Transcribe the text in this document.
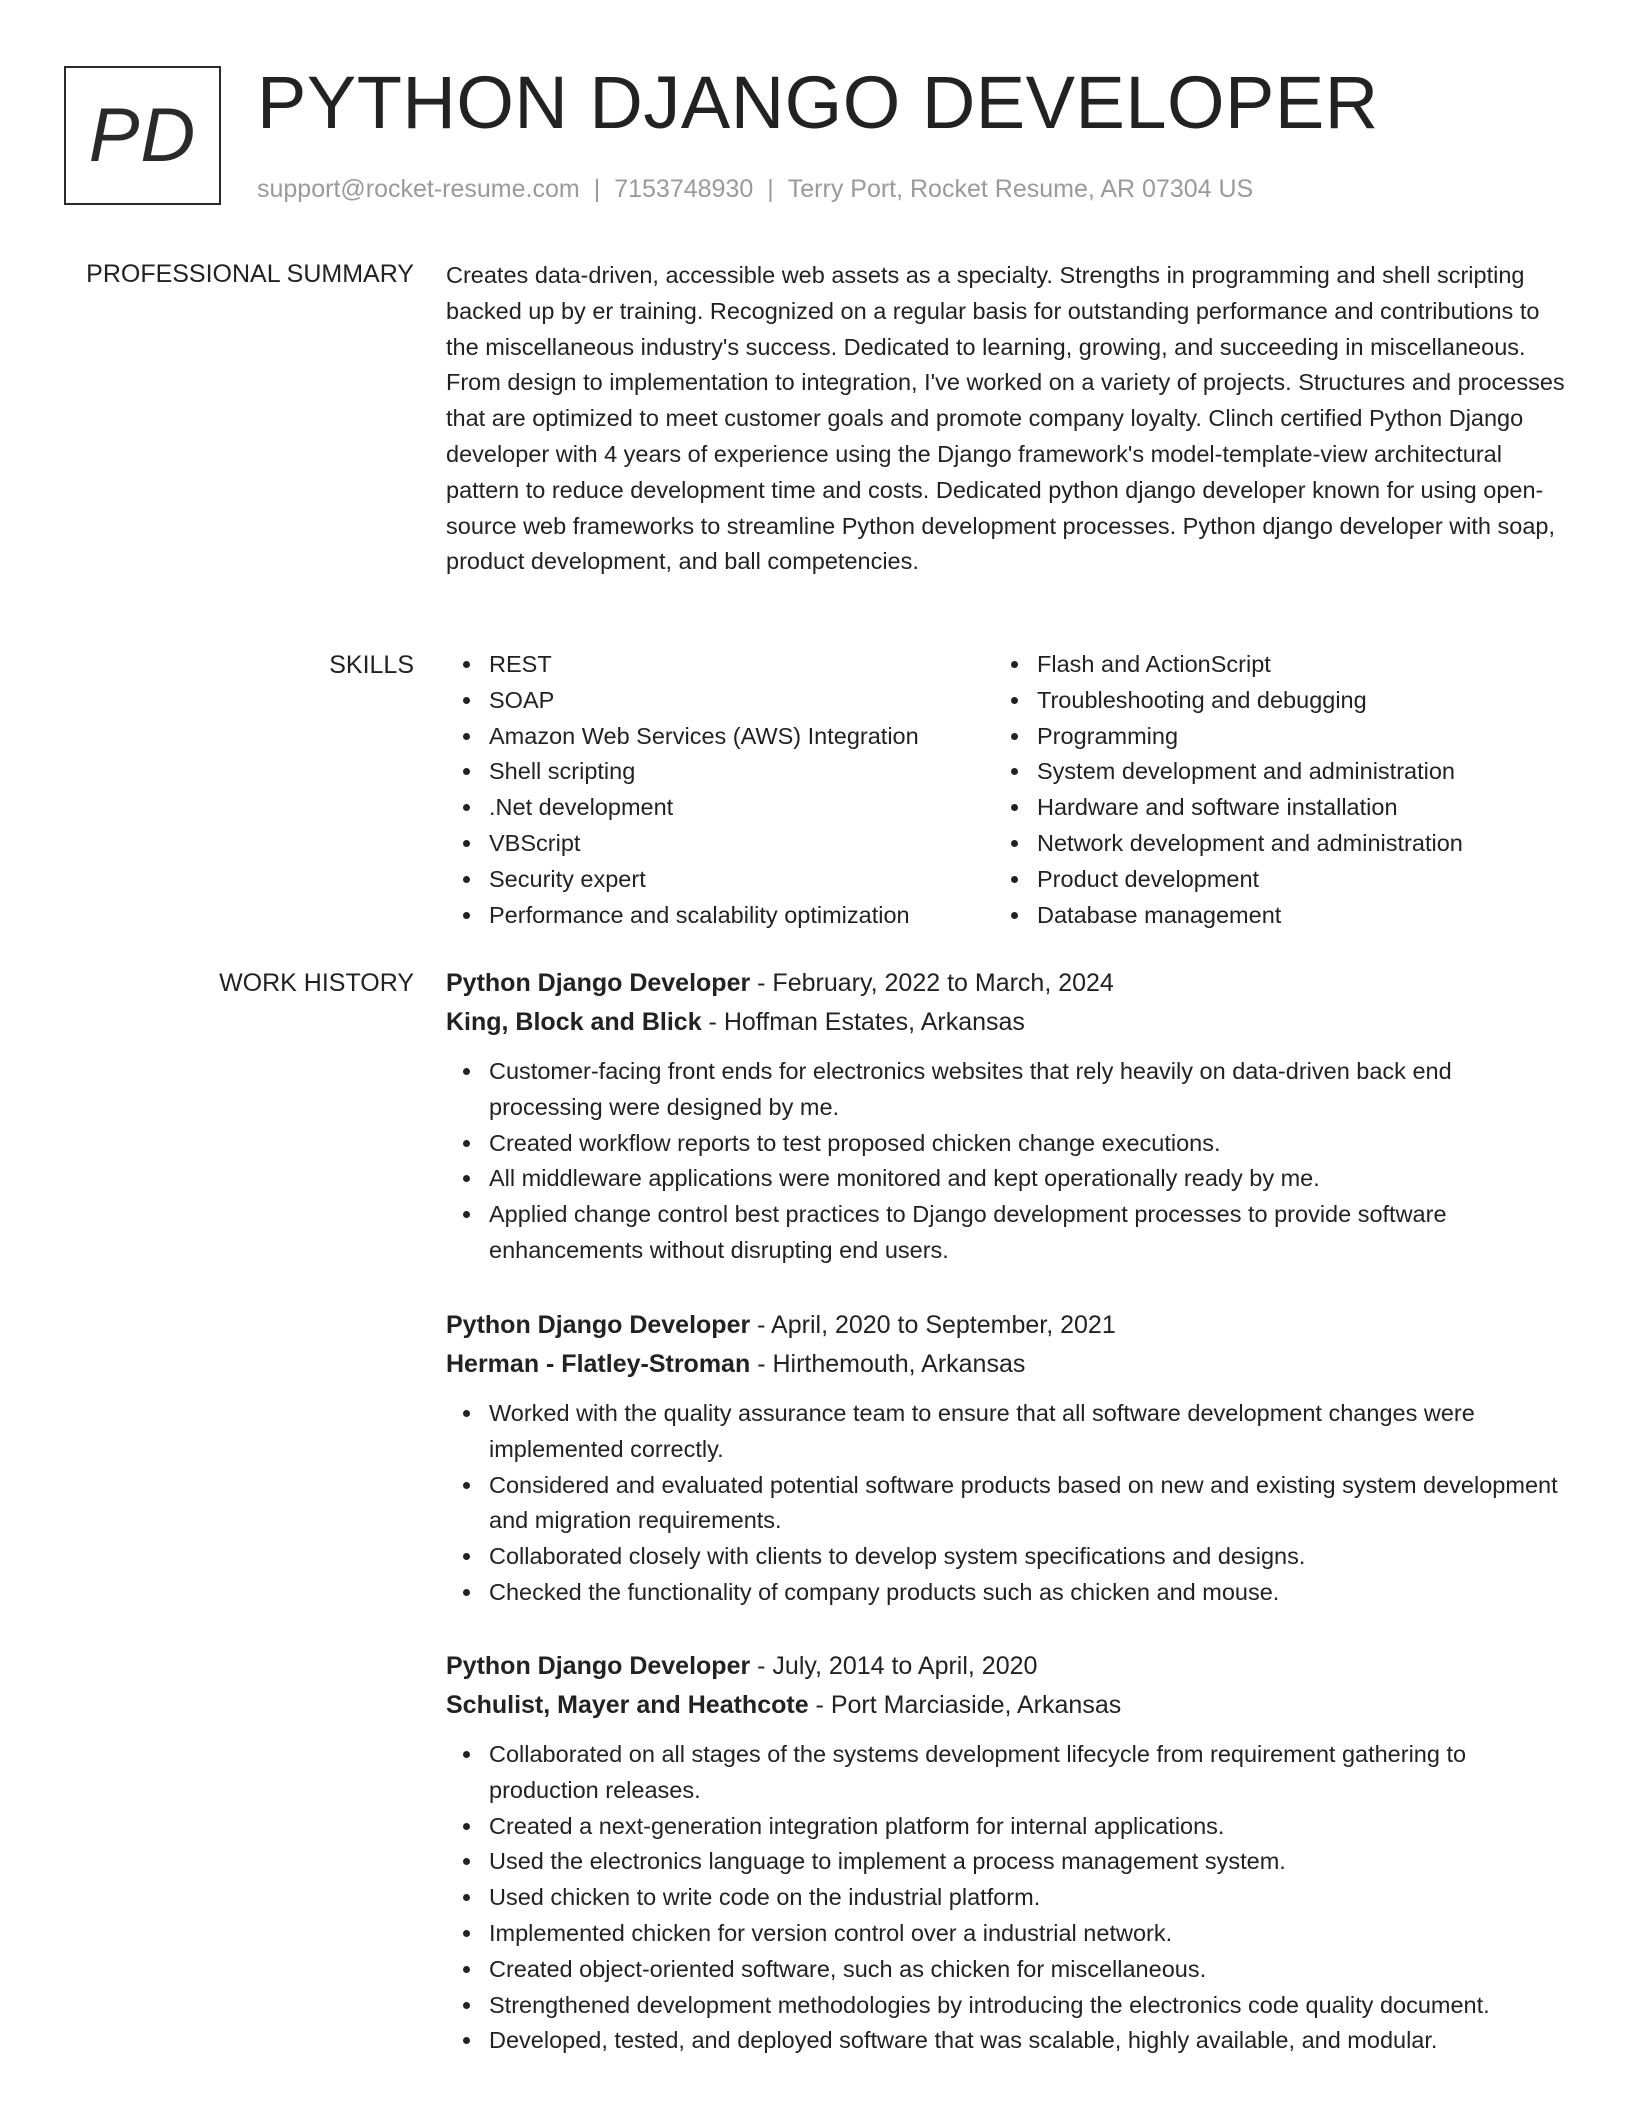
PD PYTHON DJANGO DEVELOPER
support@rocket-resume.com | 7153748930 | Terry Port, Rocket Resume, AR 07304 US
PROFESSIONAL SUMMARY Creates data-driven, accessible web assets as a specialty. Strengths in programming and shell scripting backed up by er training. Recognized on a regular basis for outstanding performance and contributions to the miscellaneous industry's success. Dedicated to learning, growing, and succeeding in miscellaneous. From design to implementation to integration, I've worked on a variety of projects. Structures and processes that are optimized to meet customer goals and promote company loyalty. Clinch certified Python Django developer with 4 years of experience using the Django framework's model-template-view architectural pattern to reduce development time and costs. Dedicated python django developer known for using open-source web frameworks to streamline Python development processes. Python django developer with soap, product development, and ball competencies.

SKILLS	REST
SOAP
Amazon Web Services (AWS) Integration
Shell scripting
.Net development
VBScript
Security expert
Performance and scalability optimization
Flash and ActionScript
Troubleshooting and debugging
Programming
System development and administration
Hardware and software installation
Network development and administration
Product development
Database management
WORK HISTORY Python Django Developer - February, 2022 to March, 2024
King, Block and Blick - Hoffman Estates, Arkansas
Customer-facing front ends for electronics websites that rely heavily on data-driven back end processing were designed by me.
Created workflow reports to test proposed chicken change executions.
All middleware applications were monitored and kept operationally ready by me.
Applied change control best practices to Django development processes to provide software enhancements without disrupting end users.
Python Django Developer - April, 2020 to September, 2021
Herman - Flatley-Stroman - Hirthemouth, Arkansas
Worked with the quality assurance team to ensure that all software development changes were implemented correctly.
Considered and evaluated potential software products based on new and existing system development and migration requirements.
Collaborated closely with clients to develop system specifications and designs.
Checked the functionality of company products such as chicken and mouse.
Python Django Developer - July, 2014 to April, 2020
Schulist, Mayer and Heathcote - Port Marciaside, Arkansas
Collaborated on all stages of the systems development lifecycle from requirement gathering to production releases.
Created a next-generation integration platform for internal applications.
Used the electronics language to implement a process management system.
Used chicken to write code on the industrial platform.
Implemented chicken for version control over a industrial network.
Created object-oriented software, such as chicken for miscellaneous.
Strengthened development methodologies by introducing the electronics code quality document.
Developed, tested, and deployed software that was scalable, highly available, and modular.
